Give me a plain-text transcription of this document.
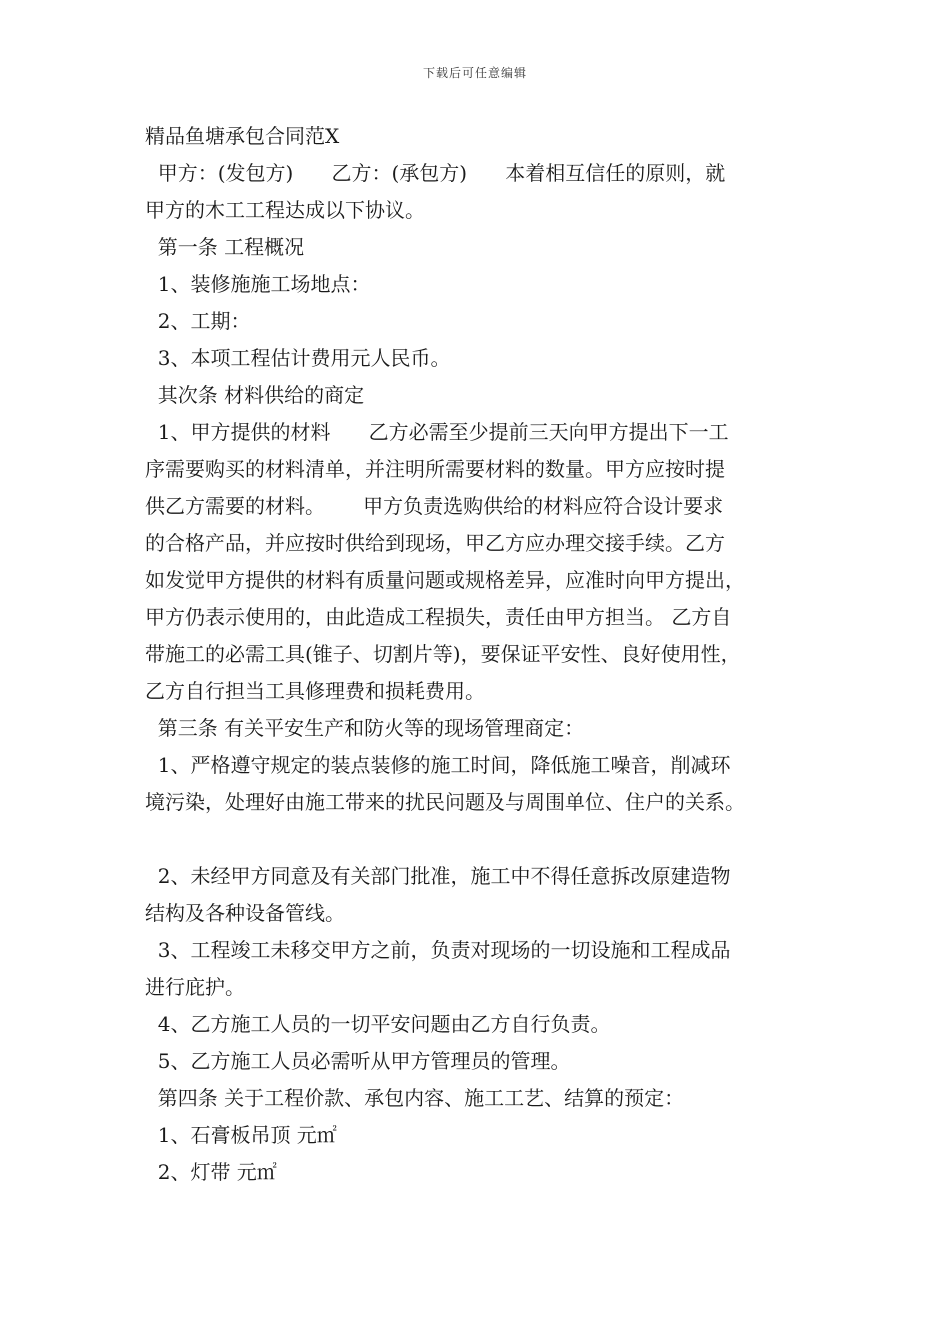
下载后可任意编辑
精品鱼塘承包合同范X
甲方：(发包方)      乙方：(承包方)      本着相互信任的原则，就
甲方的木工工程达成以下协议。
第一条 工程概况
1、装修施施工场地点：
2、工期：
3、本项工程估计费用元人民币。
其次条 材料供给的商定
1、甲方提供的材料      乙方必需至少提前三天向甲方提出下一工
序需要购买的材料清单，并注明所需要材料的数量。甲方应按时提
供乙方需要的材料。      甲方负责选购供给的材料应符合设计要求
的合格产品，并应按时供给到现场，甲乙方应办理交接手续。乙方
如发觉甲方提供的材料有质量问题或规格差异，应准时向甲方提出，
甲方仍表示使用的，由此造成工程损失，责任由甲方担当。 乙方自
带施工的必需工具(锥子、切割片等)，要保证平安性、良好使用性，
乙方自行担当工具修理费和损耗费用。
第三条 有关平安生产和防火等的现场管理商定：
1、严格遵守规定的装点装修的施工时间，降低施工噪音，削减环
境污染，处理好由施工带来的扰民问题及与周围单位、住户的关系。
2、未经甲方同意及有关部门批准，施工中不得任意拆改原建造物
结构及各种设备管线。
3、工程竣工未移交甲方之前，负责对现场的一切设施和工程成品
进行庇护。
4、乙方施工人员的一切平安问题由乙方自行负责。
5、乙方施工人员必需听从甲方管理员的管理。
第四条 关于工程价款、承包内容、施工工艺、结算的预定：
1、石膏板吊顶 元㎡
2、灯带 元㎡
